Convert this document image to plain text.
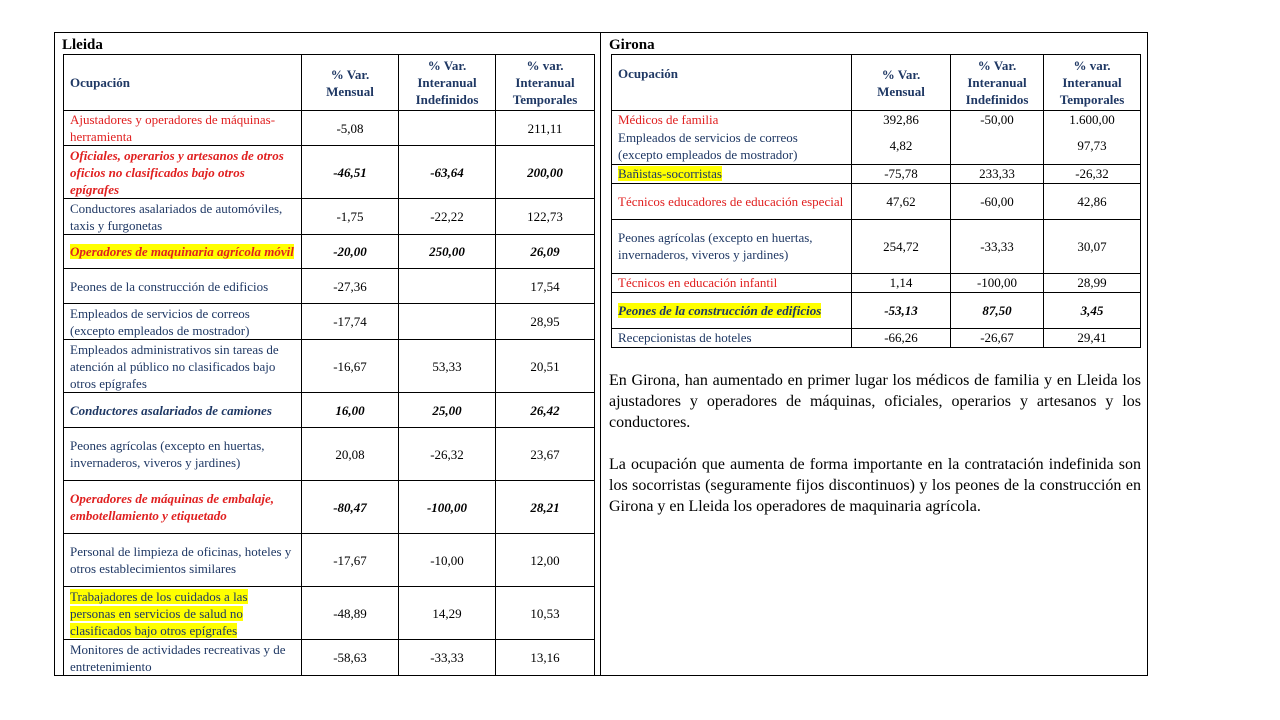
Lleida
Ocupación	% Var. Mensual	% Var. Interanual Indefinidos	% var. Interanual Temporales
Ajustadores y operadores de máquinas-herramienta	-5,08		211,11
Oficiales, operarios y artesanos de otros oficios no clasificados bajo otros epígrafes	-46,51	-63,64	200,00
Conductores asalariados de automóviles, taxis y furgonetas	-1,75	-22,22	122,73
Operadores de maquinaria agrícola móvil	-20,00	250,00	26,09
Peones de la construcción de edificios	-27,36		17,54
Empleados de servicios de correos (excepto empleados de mostrador)	-17,74		28,95
Empleados administrativos sin tareas de atención al público no clasificados bajo otros epígrafes	-16,67	53,33	20,51
Conductores asalariados de camiones	16,00	25,00	26,42
Peones agrícolas (excepto en huertas, invernaderos, viveros y jardines)	20,08	-26,32	23,67
Operadores de máquinas de embalaje, embotellamiento y etiquetado	-80,47	-100,00	28,21
Personal de limpieza de oficinas, hoteles y otros establecimientos similares	-17,67	-10,00	12,00
Trabajadores de los cuidados a las personas en servicios de salud no clasificados bajo otros epígrafes	-48,89	14,29	10,53
Monitores de actividades recreativas y de entretenimiento	-58,63	-33,33	13,16
Girona
Ocupación	% Var. Mensual	% Var. Interanual Indefinidos	% var. Interanual Temporales
Médicos de familia	392,86	-50,00	1.600,00
Empleados de servicios de correos (excepto empleados de mostrador)	4,82		97,73
Bañistas-socorristas	-75,78	233,33	-26,32
Técnicos educadores de educación especial	47,62	-60,00	42,86
Peones agrícolas (excepto en huertas, invernaderos, viveros y jardines)	254,72	-33,33	30,07
Técnicos en educación infantil	1,14	-100,00	28,99
Peones de la construcción de edificios	-53,13	87,50	3,45
Recepcionistas de hoteles	-66,26	-26,67	29,41

En Girona, han aumentado en primer lugar los médicos de familia y en Lleida los ajustadores y operadores de máquinas, oficiales, operarios y artesanos y los conductores.

La ocupación que aumenta de forma importante en la contratación indefinida son los socorristas (seguramente fijos discontinuos) y los peones de la construcción en Girona y en Lleida los operadores de maquinaria agrícola.
